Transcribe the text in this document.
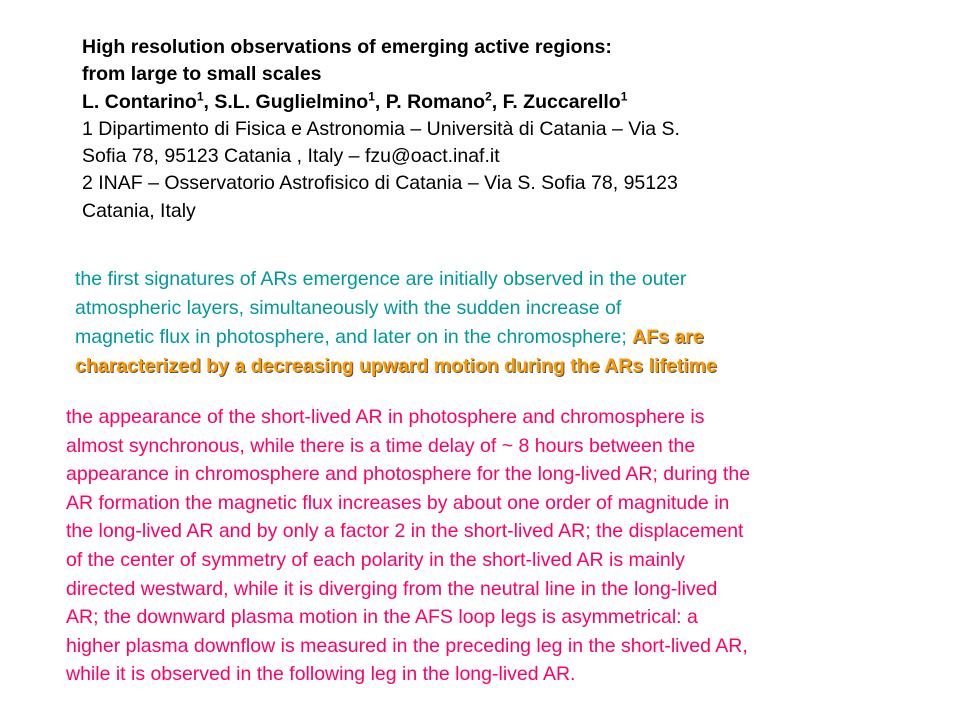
High resolution observations of emerging active regions:
from large to small scales
L. Contarino$^1$, S.L. Guglielmino$^1$, P. Romano$^2$, F. Zuccarello$^1$
1 Dipartimento di Fisica e Astronomia – Università di Catania – Via S.
Sofia 78, 95123 Catania , Italy – fzu@oact.inaf.it
2 INAF – Osservatorio Astrofisico di Catania – Via S. Sofia 78, 95123
Catania, Italy
the first signatures of ARs emergence are initially observed in the outer
atmospheric layers, simultaneously with the sudden increase of
magnetic flux in photosphere, and later on in the chromosphere; AFs are
characterized by a decreasing upward motion during the ARs lifetime
the appearance of the short-lived AR in photosphere and chromosphere is
almost synchronous, while there is a time delay of ~ 8 hours between the
appearance in chromosphere and photosphere for the long-lived AR; during the
AR formation the magnetic flux increases by about one order of magnitude in
the long-lived AR and by only a factor 2 in the short-lived AR; the displacement
of the center of symmetry of each polarity in the short-lived AR is mainly
directed westward, while it is diverging from the neutral line in the long-lived
AR; the downward plasma motion in the AFS loop legs is asymmetrical: a
higher plasma downflow is measured in the preceding leg in the short-lived AR,
while it is observed in the following leg in the long-lived AR.
